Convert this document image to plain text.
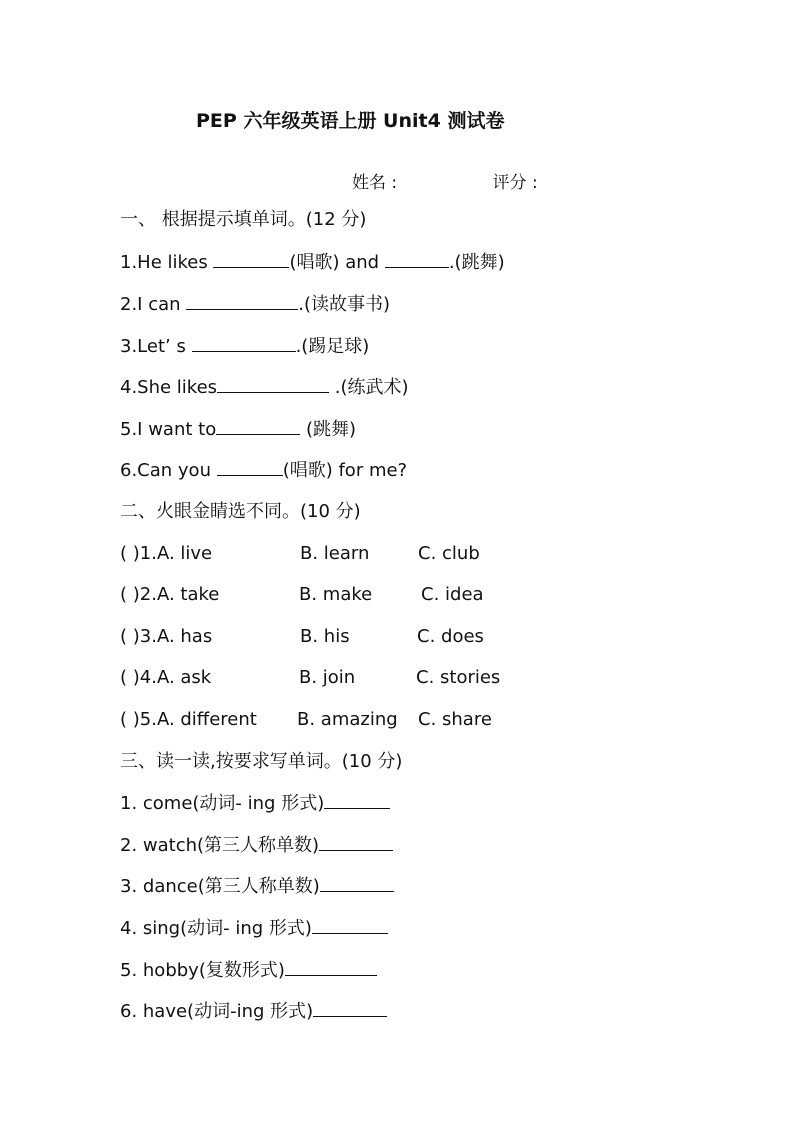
PEP 六年级英语上册 Unit4 测试卷
姓名 :	评分 :
一、 根据提示填单词。(12 分)
1.He likes	(唱歌) and	.(跳舞)
2.I can	.(读故事书)
3.Let’ s	.(踢足球)
4.She likes	.(练武术)
5.I want to	(跳舞)
6.Can you	(唱歌) for me?
二、火眼金睛选不同。(10 分)
( )1.A. live	B. learn	C. club
( )2.A. take	B. make	C. idea
( )3.A. has	B. his	C. does
( )4.A. ask	B. join	C. stories
( )5.A. different B. amazing C. share
三、读一读,按要求写单词。(10 分)
1. come(动词- ing 形式)
2. watch(第三人称单数)
3. dance(第三人称单数)
4. sing(动词- ing 形式)
5. hobby(复数形式)
6. have(动词-ing 形式)
